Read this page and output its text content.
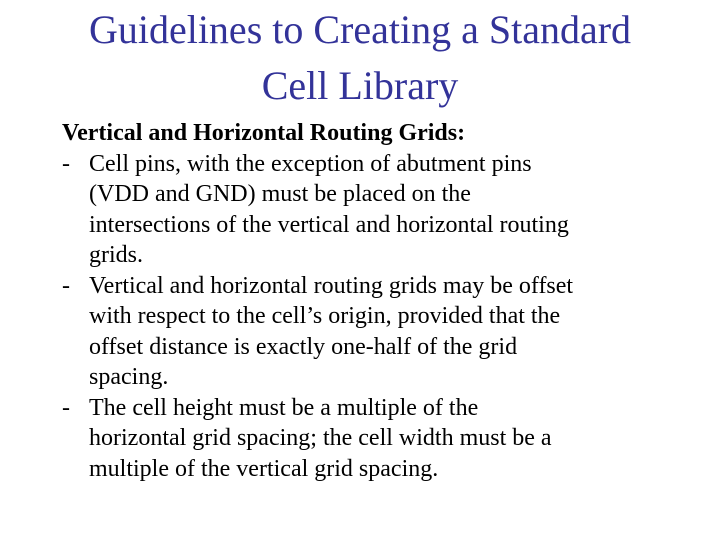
Guidelines to Creating a Standard
Cell Library
Vertical and Horizontal Routing Grids:
- Cell pins, with the exception of abutment pins
(VDD and GND) must be placed on the
intersections of the vertical and horizontal routing
grids.
- Vertical and horizontal routing grids may be offset
with respect to the cell’s origin, provided that the
offset distance is exactly one-half of the grid
spacing.
- The cell height must be a multiple of the
horizontal grid spacing; the cell width must be a
multiple of the vertical grid spacing.
